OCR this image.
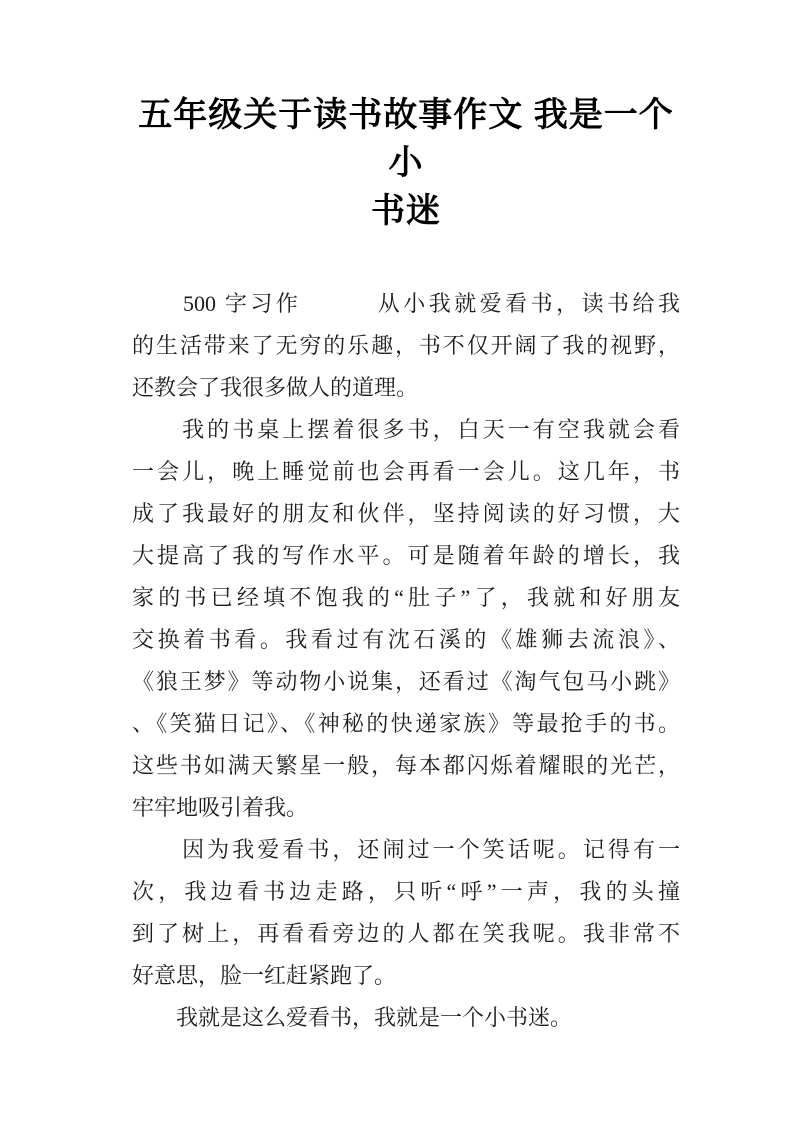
五年级关于读书故事作文 我是一个小
书迷

　　500 字习作　　　从小我就爱看书，读书给我
的生活带来了无穷的乐趣，书不仅开阔了我的视野，
还教会了我很多做人的道理。

　　我的书桌上摆着很多书，白天一有空我就会看
一会儿，晚上睡觉前也会再看一会儿。这几年，书
成了我最好的朋友和伙伴，坚持阅读的好习惯，大
大提高了我的写作水平。可是随着年龄的增长，我
家的书已经填不饱我的“肚子”了，我就和好朋友
交换着书看。我看过有沈石溪的《雄狮去流浪》、
《狼王梦》等动物小说集，还看过《淘气包马小跳》
、《笑猫日记》、《神秘的快递家族》等最抢手的书。
这些书如满天繁星一般，每本都闪烁着耀眼的光芒，
牢牢地吸引着我。

　　因为我爱看书，还闹过一个笑话呢。记得有一
次，我边看书边走路，只听“呼”一声，我的头撞
到了树上，再看看旁边的人都在笑我呢。我非常不
好意思，脸一红赶紧跑了。

　　我就是这么爱看书，我就是一个小书迷。
